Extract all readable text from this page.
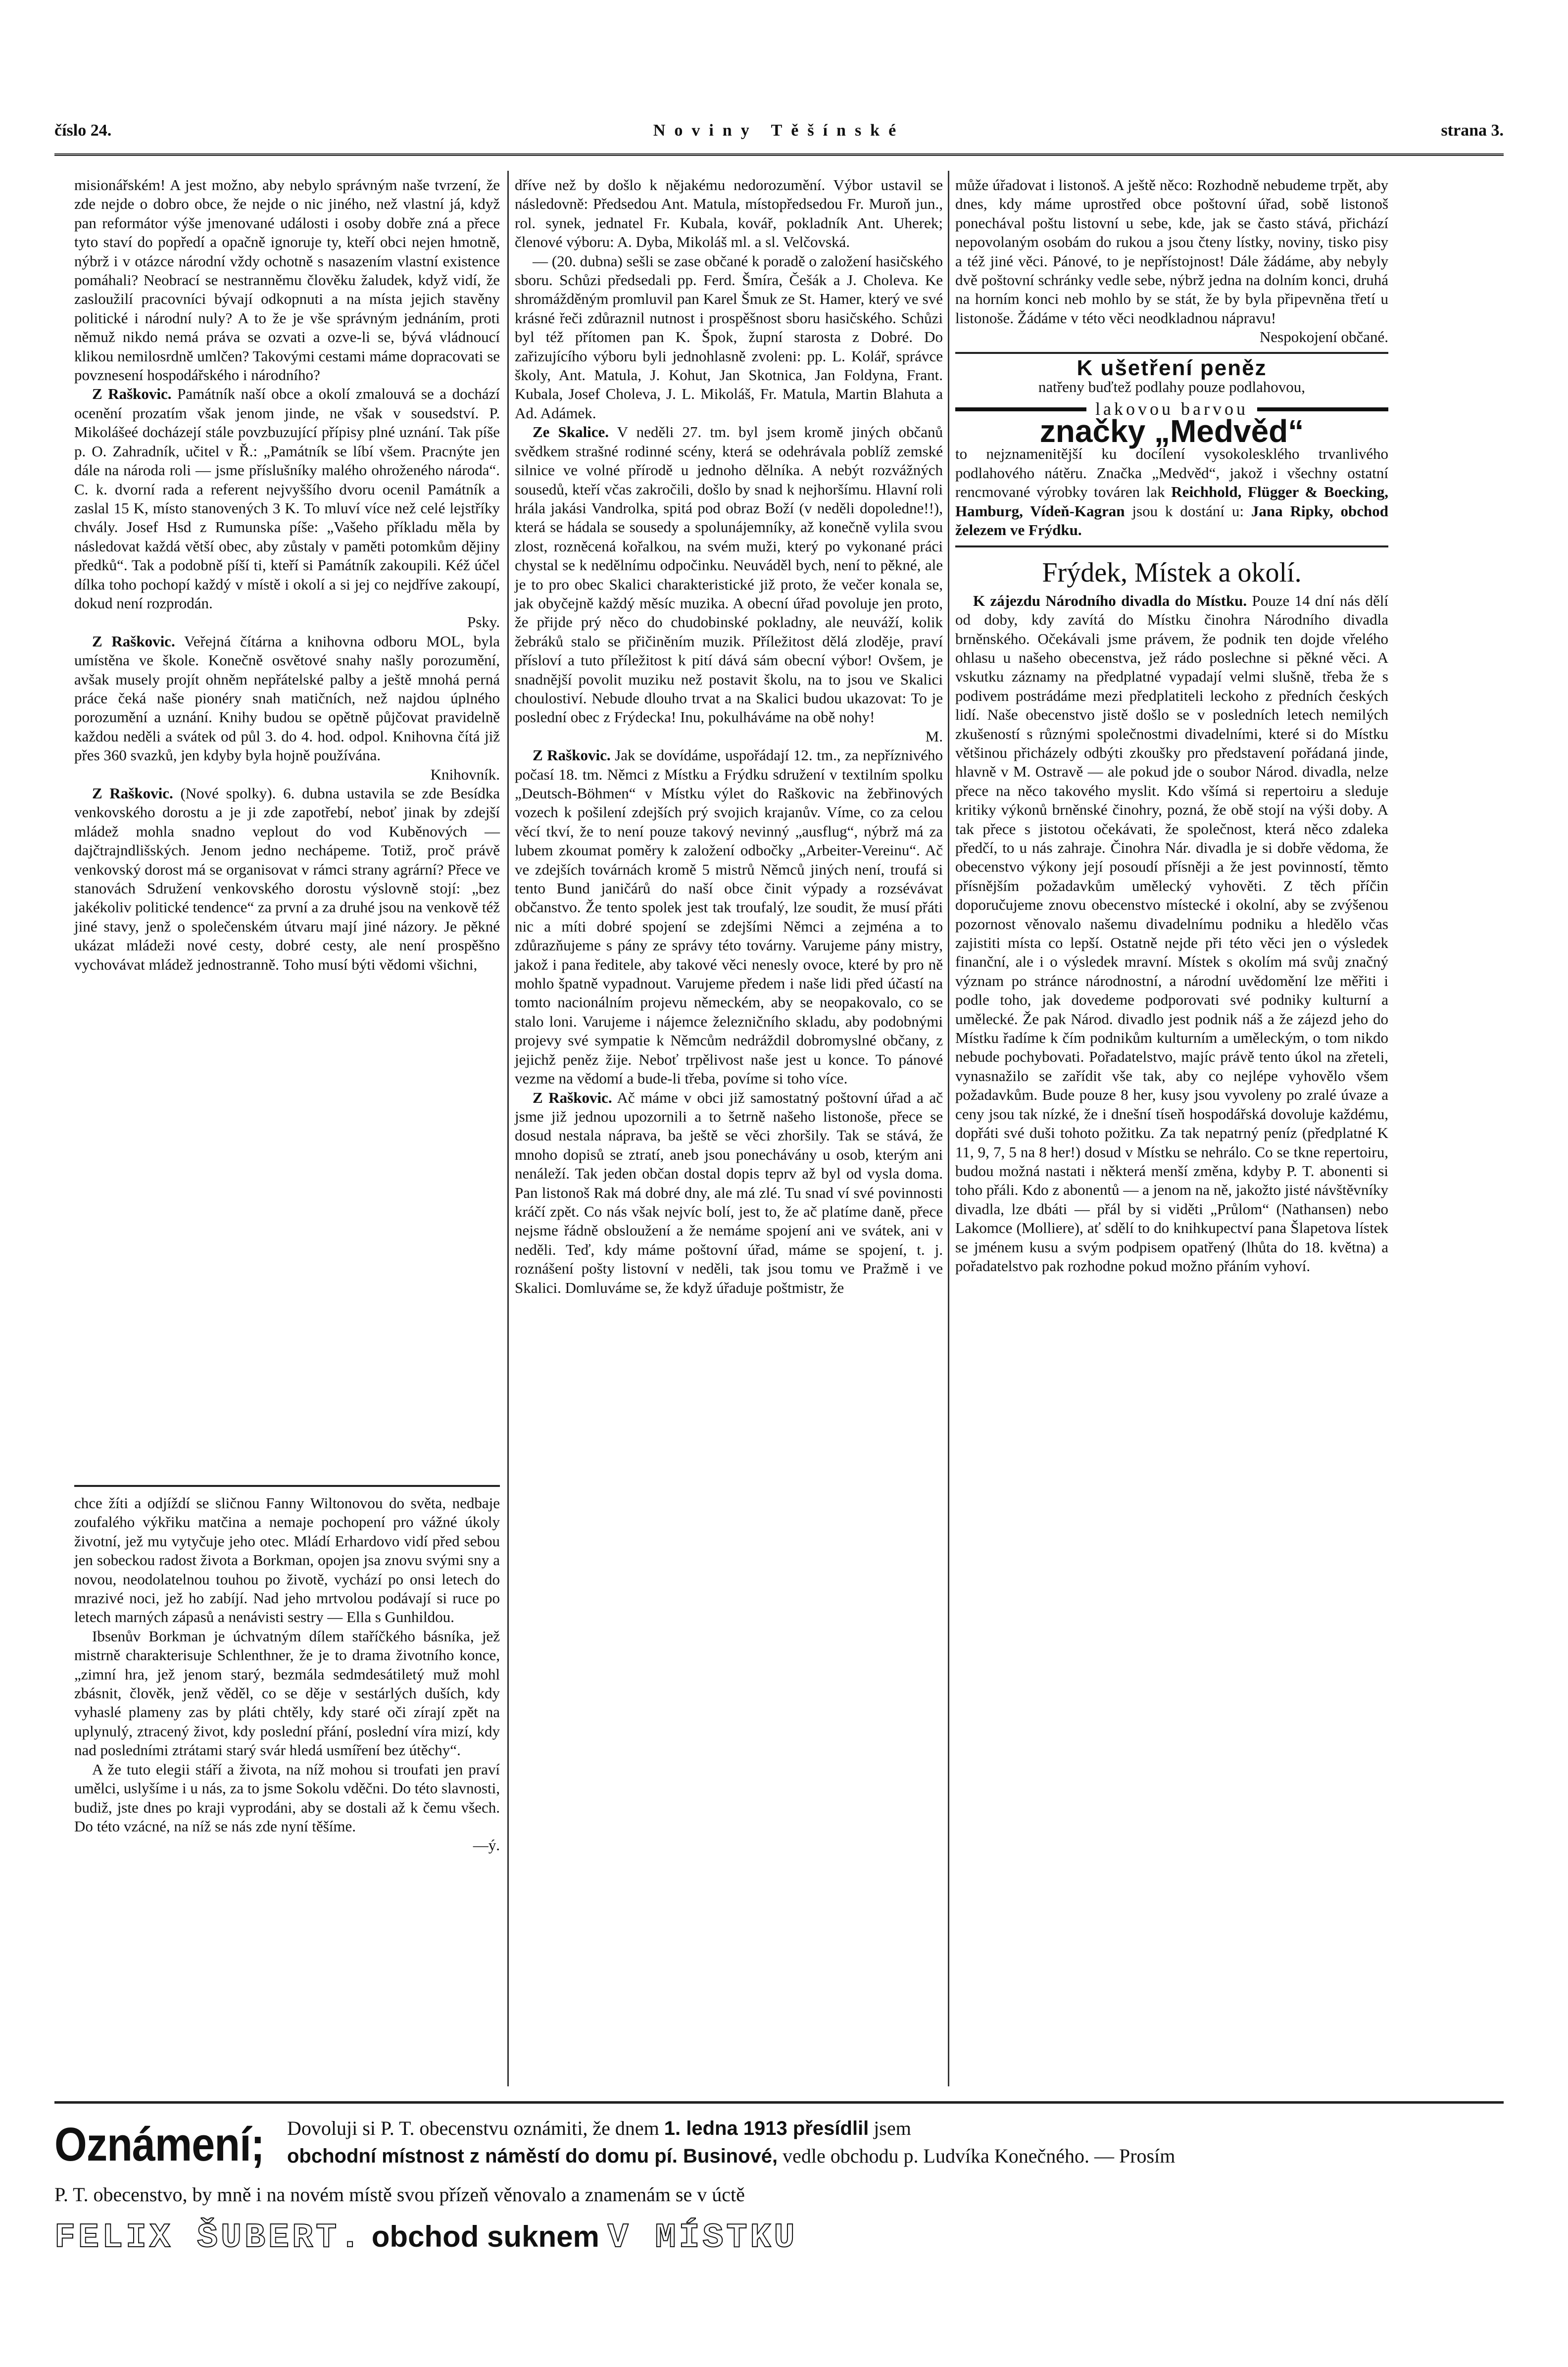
číslo 24.	Noviny Těšínské	strana 3.

misionářském! A jest možno, aby nebylo správným naše tvrzení, že zde nejde o dobro obce, že nejde o nic jiného, než vlastní já, když pan reformátor výše jmenované události i osoby dobře zná a přece tyto staví do popředí a opačně ignoruje ty, kteří obci nejen hmotně, nýbrž i v otázce národní vždy ochotně s nasazením vlastní existence pomáhali? Neobrací se nestranněmu člověku žaludek, když vidí, že zasloužilí pracovníci bývají odkopnuti a na místa jejich stavěny politické i národní nuly? A to že je vše správným jednáním, proti němuž nikdo nemá práva se ozvati a ozve-li se, bývá vládnoucí klikou nemilosrdně umlčen? Takovými cestami máme dopracovati se povznesení hospodářského i národního?

Z Raškovic. Památník naší obce a okolí zmalouvá se a dochází ocenění prozatím však jenom jinde, ne však v sousedství. P. Mikolášeé docházejí stále povzbuzující přípisy plné uznání. Tak píše p. O. Zahradník, učitel v Ř.: „Památník se líbí všem. Pracnýte jen dále na národa roli — jsme příslušníky malého ohroženého národa“. C. k. dvorní rada a referent nejvyššího dvoru ocenil Památník a zaslal 15 K, místo stanovených 3 K. To mluví více než celé lejstříky chvály. Josef Hsd z Rumunska píše: „Vašeho příkladu měla by následovat každá větší obec, aby zůstaly v paměti potomkům dějiny předků“. Tak a podobně píší ti, kteří si Památník zakoupili. Kéž účel dílka toho pochopí každý v místě i okolí a si jej co nejdříve zakoupí, dokud není rozprodán.

Psky.

Z Raškovic. Veřejná čítárna a knihovna odboru MOL, byla umístěna ve škole. Konečně osvětové snahy našly porozumění, avšak musely projít ohněm nepřátelské palby a ještě mnohá perná práce čeká naše pionéry snah matičních, než najdou úplného porozumění a uznání. Knihy budou se opětně půjčovat pravidelně každou neděli a svátek od půl 3. do 4. hod. odpol. Knihovna čítá již přes 360 svazků, jen kdyby byla hojně používána.

Knihovník.

Z Raškovic. (Nové spolky). 6. dubna ustavila se zde Besídka venkovského dorostu a je ji zde zapotřebí, neboť jinak by zdejší mládež mohla snadno veplout do vod Kuběnových — dajčtrajndlišských. Jenom jedno nechápeme. Totiž, proč právě venkovský dorost má se organisovat v rámci strany agrární? Přece ve stanovách Sdružení venkovského dorostu výslovně stojí: „bez jakékoliv politické tendence“ za první a za druhé jsou na venkově též jiné stavy, jenž o společenském útvaru mají jiné názory. Je pěkné ukázat mládeži nové cesty, dobré cesty, ale není prospěšno vychovávat mládež jednostranně. Toho musí býti vědomi všichni,

chce žíti a odjíždí se sličnou Fanny Wiltonovou do světa, nedbaje zoufalého výkřiku matčina a nemaje pochopení pro vážné úkoly životní, jež mu vytyčuje jeho otec. Mládí Erhardovo vidí před sebou jen sobeckou radost života a Borkman, opojen jsa znovu svými sny a novou, neodolatelnou touhou po životě, vychází po onsi letech do mrazivé noci, jež ho zabíjí. Nad jeho mrtvolou podávají si ruce po letech marných zápasů a nenávisti sestry — Ella s Gunhildou.

Ibsenův Borkman je úchvatným dílem staříčkého básníka, jež mistrně charakterisuje Schlenthner, že je to drama životního konce, „zimní hra, jež jenom starý, bezmála sedmdesátiletý muž mohl zbásnit, člověk, jenž věděl, co se děje v sestárlých duších, kdy vyhaslé plameny zas by pláti chtěly, kdy staré oči zírají zpět na uplynulý, ztracený život, kdy poslední přání, poslední víra mizí, kdy nad posledními ztrátami starý svár hledá usmíření bez útěchy“.

A že tuto elegii stáří a života, na níž mohou si troufati jen praví umělci, uslyšíme i u nás, za to jsme Sokolu vděčni. Do této slavnosti, budiž, jste dnes po kraji vyprodáni, aby se dostali až k čemu všech. Do této vzácné, na níž se nás zde nyní těšíme.

—ý.

dříve než by došlo k nějakému nedorozumění. Výbor ustavil se následovně: Předsedou Ant. Matula, místopředsedou Fr. Muroň jun., rol. synek, jednatel Fr. Kubala, kovář, pokladník Ant. Uherek; členové výboru: A. Dyba, Mikoláš ml. a sl. Velčovská.

— (20. dubna) sešli se zase občané k poradě o založení hasičského sboru. Schůzi předsedali pp. Ferd. Šmíra, Češák a J. Choleva. Ke shromážděným promluvil pan Karel Šmuk ze St. Hamer, který ve své krásné řeči zdůraznil nutnost i prospěšnost sboru hasičského. Schůzi byl též přítomen pan K. Špok, župní starosta z Dobré. Do zařizujícího výboru byli jednohlasně zvoleni: pp. L. Kolář, správce školy, Ant. Matula, J. Kohut, Jan Skotnica, Jan Foldyna, Frant. Kubala, Josef Choleva, J. L. Mikoláš, Fr. Matula, Martin Blahuta a Ad. Adámek.

Ze Skalice. V neděli 27. tm. byl jsem kromě jiných občanů svědkem strašné rodinné scény, která se odehrávala poblíž zemské silnice ve volné přírodě u jednoho dělníka. A nebýt rozvážných sousedů, kteří včas zakročili, došlo by snad k nejhoršímu. Hlavní roli hrála jakási Vandrolka, spitá pod obraz Boží (v neděli dopoledne!!), která se hádala se sousedy a spolunájemníky, až konečně vylila svou zlost, rozněcená kořalkou, na svém muži, který po vykonané práci chystal se k nedělnímu odpočinku. Neuváděl bych, není to pěkné, ale je to pro obec Skalici charakteristické již proto, že večer konala se, jak obyčejně každý měsíc muzika. A obecní úřad povoluje jen proto, že přijde prý něco do chudobinské pokladny, ale neuváží, kolik žebráků stalo se přičiněním muzik. Příležitost dělá zloděje, praví přísloví a tuto příležitost k pití dává sám obecní výbor! Ovšem, je snadnější povolit muziku než postavit školu, na to jsou ve Skalici choulostiví. Nebude dlouho trvat a na Skalici budou ukazovat: To je poslední obec z Frýdecka! Inu, pokulháváme na obě nohy!

M.

Z Raškovic. Jak se dovídáme, uspořádají 12. tm., za nepříznivého počasí 18. tm. Němci z Místku a Frýdku sdružení v textilním spolku „Deutsch-Böhmen“ v Místku výlet do Raškovic na žebřinových vozech k pošilení zdejších prý svojich krajanův. Víme, co za celou věcí tkví, že to není pouze takový nevinný „ausflug“, nýbrž má za lubem zkoumat poměry k založení odbočky „Arbeiter-Vereinu“. Ač ve zdejších továrnách kromě 5 mistrů Němců jiných není, troufá si tento Bund janičárů do naší obce činit výpady a rozsévávat občanstvo. Že tento spolek jest tak troufalý, lze soudit, že musí přáti nic a míti dobré spojení se zdejšími Němci a zejména a to zdůrazňujeme s pány ze správy této továrny. Varujeme pány mistry, jakož i pana ředitele, aby takové věci nenesly ovoce, které by pro ně mohlo špatně vypadnout. Varujeme předem i naše lidi před účastí na tomto nacionálním projevu německém, aby se neopakovalo, co se stalo loni. Varujeme i nájemce železničního skladu, aby podobnými projevy své sympatie k Němcům nedráždil dobromyslné občany, z jejichž peněz žije. Neboť trpělivost naše jest u konce. To pánové vezme na vědomí a bude-li třeba, povíme si toho více.

Z Raškovic. Ač máme v obci již samostatný poštovní úřad a ač jsme již jednou upozornili a to šetrně našeho listonoše, přece se dosud nestala náprava, ba ještě se věci zhoršily. Tak se stává, že mnoho dopisů se ztratí, aneb jsou ponechávány u osob, kterým ani nenáleží. Tak jeden občan dostal dopis teprv až byl od vysla doma. Pan listonoš Rak má dobré dny, ale má zlé. Tu snad ví své povinnosti kráčí zpět. Co nás však nejvíc bolí, jest to, že ač platíme daně, přece nejsme řádně obsloužení a že nemáme spojení ani ve svátek, ani v neděli. Teď, kdy máme poštovní úřad, máme se spojení, t. j. roznášení pošty listovní v neděli, tak jsou tomu ve Pražmě i ve Skalici. Domluváme se, že když úřaduje poštmistr, že

může úřadovat i listonoš. A ještě něco: Rozhodně nebudeme trpět, aby dnes, kdy máme uprostřed obce poštovní úřad, sobě listonoš ponechával poštu listovní u sebe, kde, jak se často stává, přichází nepovolaným osobám do rukou a jsou čteny lístky, noviny, tisko pisy a též jiné věci. Pánové, to je nepřístojnost! Dále žádáme, aby nebyly dvě poštovní schránky vedle sebe, nýbrž jedna na dolním konci, druhá na horním konci neb mohlo by se stát, že by byla připevněna třetí u listonoše. Žádáme v této věci neodkladnou nápravu!

Nespokojení občané.
K ušetření peněz
natřeny buďtež podlahy pouze podlahovou,
lakovou barvou
značky „Medvěd“
to nejznamenitější ku docílení vysokolesklého trvanlivého podlahového nátěru. Značka „Medvěd“, jakož i všechny ostatní rencmované výrobky továren lak Reichhold, Flügger & Boecking, Hamburg, Vídeň-Kagran jsou k dostání u: Jana Ripky, obchod železem ve Frýdku.
Frýdek, Místek a okolí.

K zájezdu Národního divadla do Místku. Pouze 14 dní nás dělí od doby, kdy zavítá do Místku činohra Národního divadla brněnského. Očekávali jsme právem, že podnik ten dojde vřelého ohlasu u našeho obecenstva, jež rádo poslechne si pěkné věci. A vskutku záznamy na předplatné vypadají velmi slušně, třeba že s podivem postrádáme mezi předplatiteli leckoho z předních českých lidí. Naše obecenstvo jistě došlo se v posledních letech nemilých zkušeností s různými společnostmi divadelními, které si do Místku většinou přicházely odbýti zkoušky pro představení pořádaná jinde, hlavně v M. Ostravě — ale pokud jde o soubor Národ. divadla, nelze přece na něco takového myslit. Kdo všímá si repertoiru a sleduje kritiky výkonů brněnské činohry, pozná, že obě stojí na výši doby. A tak přece s jistotou očekávati, že společnost, která něco zdaleka předčí, to u nás zahraje. Činohra Nár. divadla je si dobře vědoma, že obecenstvo výkony její posoudí přísněji a že jest povinností, těmto přísnějším požadavkům umělecký vyhověti. Z těch příčin doporučujeme znovu obecenstvo místecké i okolní, aby se zvýšenou pozornost věnovalo našemu divadelnímu podniku a hledělo včas zajistiti místa co lepší. Ostatně nejde při této věci jen o výsledek finanční, ale i o výsledek mravní. Místek s okolím má svůj značný význam po stránce národnostní, a národní uvědomění lze měřiti i podle toho, jak dovedeme podporovati své podniky kulturní a umělecké. Že pak Národ. divadlo jest podnik náš a že zájezd jeho do Místku řadíme k čím podnikům kulturním a uměleckým, o tom nikdo nebude pochybovati. Pořadatelstvo, majíc právě tento úkol na zřeteli, vynasnažilo se zařídit vše tak, aby co nejlépe vyhovělo všem požadavkům. Bude pouze 8 her, kusy jsou vyvoleny po zralé úvaze a ceny jsou tak nízké, že i dnešní tíseň hospodářská dovoluje každému, dopřáti své duši tohoto požitku. Za tak nepatrný peníz (předplatné K 11, 9, 7, 5 na 8 her!) dosud v Místku se nehrálo. Co se tkne repertoiru, budou možná nastati i některá menší změna, kdyby P. T. abonenti si toho přáli. Kdo z abonentů — a jenom na ně, jakožto jisté návštěvníky divadla, lze dbáti — přál by si viděti „Průlom“ (Nathansen) nebo Lakomce (Molliere), ať sdělí to do knihkupectví pana Šlapetova lístek se jménem kusu a svým podpisem opatřený (lhůta do 18. května) a pořadatelstvo pak rozhodne pokud možno přáním vyhoví.

Oznámení; Dovoluji si P. T. obecenstvu oznámiti, že dnem 1. ledna 1913 přesídlil jsem
obchodní místnost z náměstí do domu pí. Businové, vedle obchodu p. Ludvíka Konečného. — Prosím
P. T. obecenstvo, by mně i na novém místě svou přízeň věnovalo a znamenám se v úctě
FELIX ŠUBERT. obchod suknem V MÍSTKU
